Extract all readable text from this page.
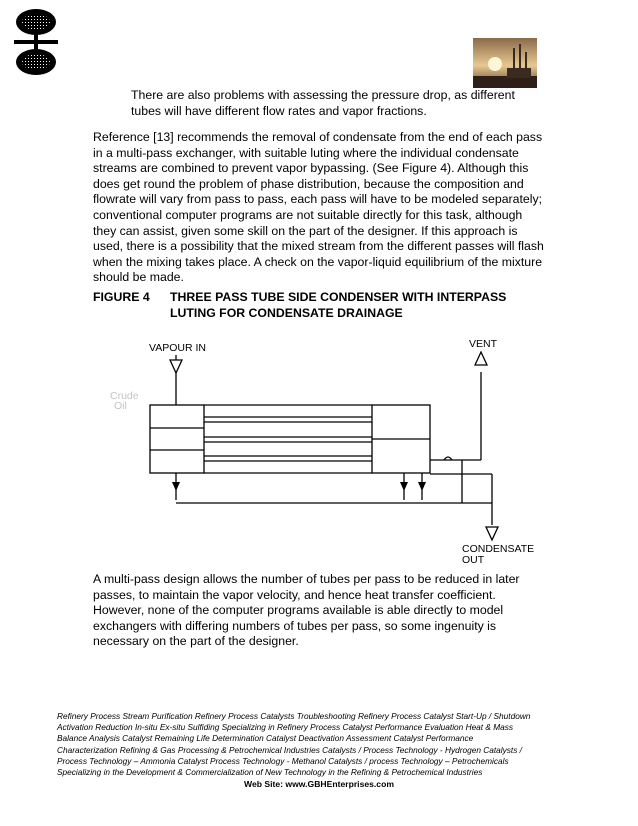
There are also problems with assessing the pressure drop, as different tubes will have different flow rates and vapor fractions.

Reference [13] recommends the removal of condensate from the end of each pass in a multi-pass exchanger, with suitable luting where the individual condensate streams are combined to prevent vapor bypassing. (See Figure 4). Although this does get round the problem of phase distribution, because the composition and flowrate will vary from pass to pass, each pass will have to be modeled separately; conventional computer programs are not suitable directly for this task, although they can assist, given some skill on the part of the designer. If this approach is used, there is a possibility that the mixed stream from the different passes will flash when the mixing takes place. A check on the vapor-liquid equilibrium of the mixture should be made.

FIGURE 4 THREE PASS TUBE SIDE CONDENSER WITH INTERPASS LUTING FOR CONDENSATE DRAINAGE
Crude
Oil
VAPOUR IN	VENT
CONDENSATE
OUT

A multi-pass design allows the number of tubes per pass to be reduced in later passes, to maintain the vapor velocity, and hence heat transfer coefficient. However, none of the computer programs available is able directly to model exchangers with differing numbers of tubes per pass, so some ingenuity is necessary on the part of the designer.

Refinery Process Stream Purification Refinery Process Catalysts Troubleshooting Refinery Process Catalyst Start-Up / Shutdown
Activation Reduction In-situ Ex-situ Sulfiding Specializing in Refinery Process Catalyst Performance Evaluation Heat & Mass
Balance Analysis Catalyst Remaining Life Determination Catalyst Deactivation Assessment Catalyst Performance
Characterization Refining & Gas Processing & Petrochemical Industries Catalysts / Process Technology - Hydrogen Catalysts /
Process Technology – Ammonia Catalyst Process Technology - Methanol Catalysts / process Technology – Petrochemicals
Specializing in the Development & Commercialization of New Technology in the Refining & Petrochemical Industries
Web Site: www.GBHEnterprises.com
